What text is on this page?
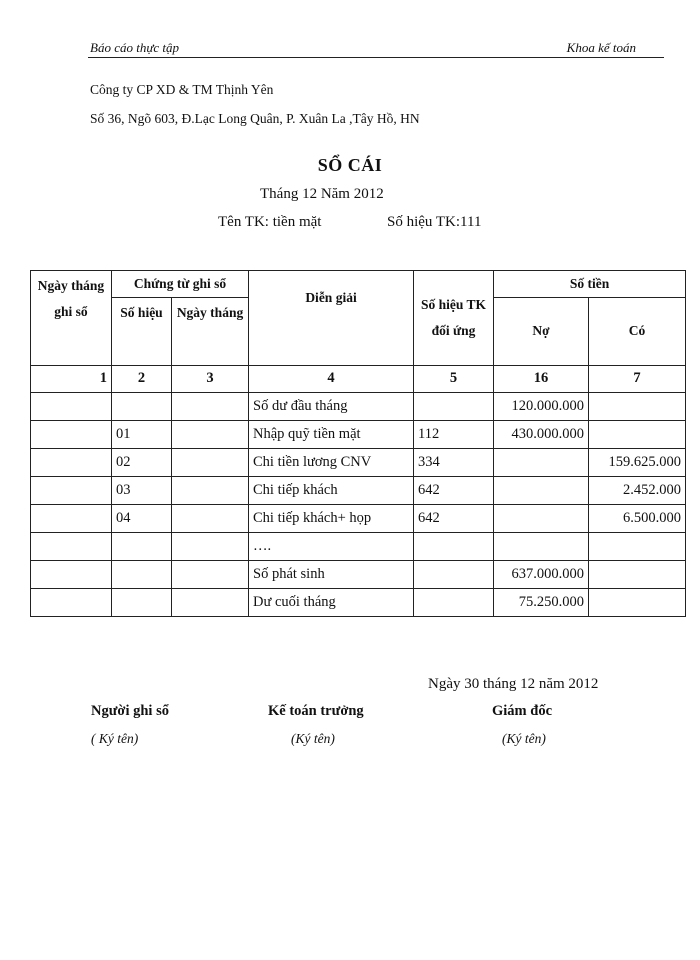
Báo cáo thực tập	Khoa kế toán
Công ty CP XD & TM Thịnh Yên
Số 36, Ngõ 603, Đ.Lạc Long Quân, P. Xuân La ,Tây Hồ, HN
SỔ CÁI
Tháng 12 Năm 2012
Tên TK: tiền mặt	Số hiệu TK:111
Ngày tháng ghi sổ	Chứng từ ghi sổ		Diễn giải	Số hiệu TK đối ứng	Số tiền	
	Số hiệu	Ngày tháng			Nợ	Có
1	2	3	4	5	16	7
			Số dư đầu tháng		120.000.000	
	01		Nhập quỹ tiền mặt	112	430.000.000	
	02		Chi tiền lương CNV	334		159.625.000
	03		Chi tiếp khách	642		2.452.000
	04		Chi tiếp khách+ họp	642		6.500.000
			….			
			Số phát sinh		637.000.000	
			Dư cuối tháng		75.250.000	
Ngày 30 tháng 12 năm 2012
Người ghi sổ	Kế toán trưởng	Giám đốc
( Ký tên)	(Ký tên)	(Ký tên)
